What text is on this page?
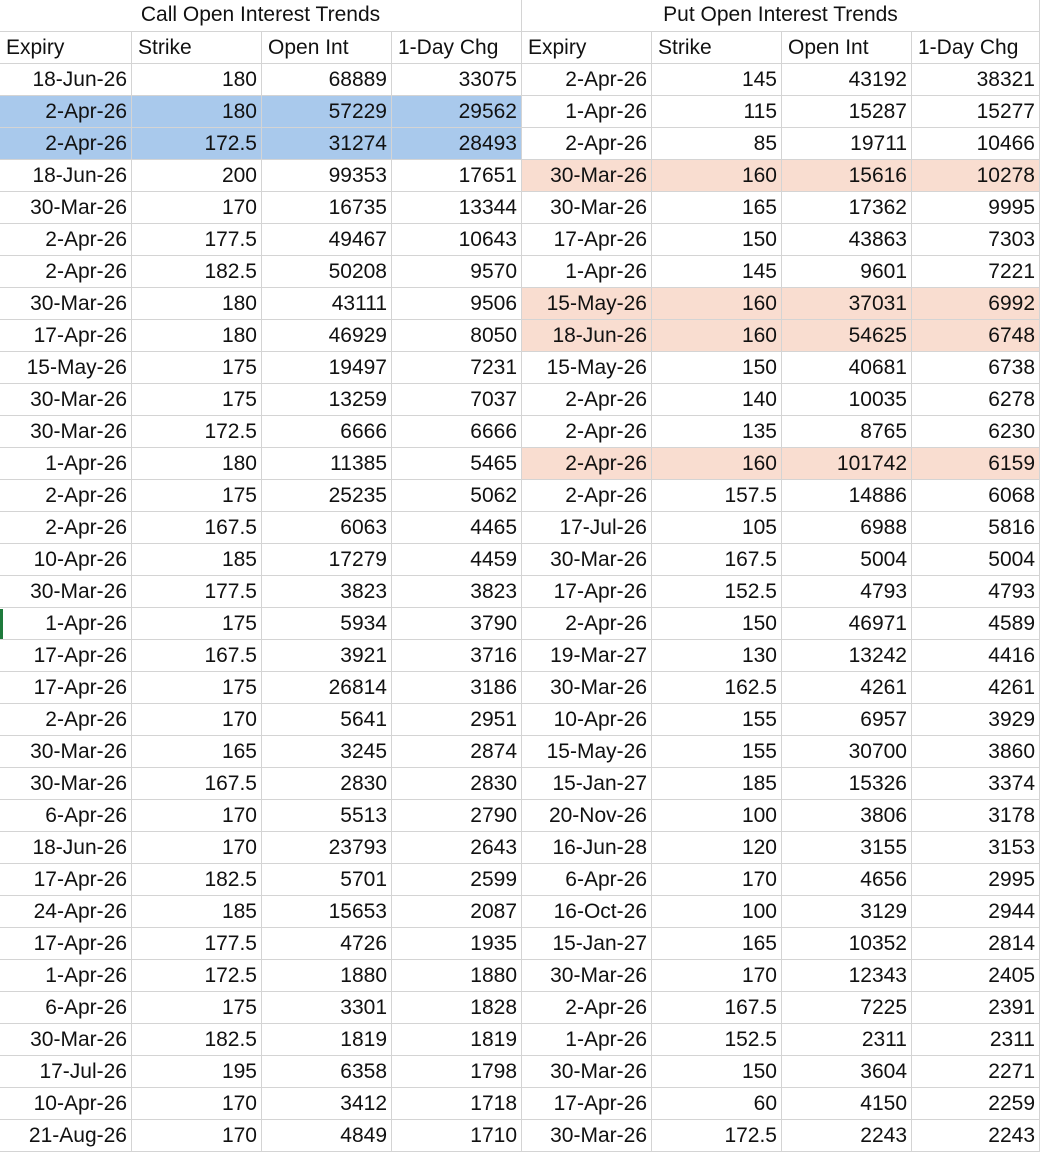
Call Open Interest Trends	Put Open Interest Trends
Expiry	Strike	Open Int	1-Day Chg	Expiry	Strike	Open Int	1-Day Chg
18-Jun-26	180	68889	33075	2-Apr-26	145	43192	38321
2-Apr-26	180	57229	29562	1-Apr-26	115	15287	15277
2-Apr-26	172.5	31274	28493	2-Apr-26	85	19711	10466
18-Jun-26	200	99353	17651	30-Mar-26	160	15616	10278
30-Mar-26	170	16735	13344	30-Mar-26	165	17362	9995
2-Apr-26	177.5	49467	10643	17-Apr-26	150	43863	7303
2-Apr-26	182.5	50208	9570	1-Apr-26	145	9601	7221
30-Mar-26	180	43111	9506	15-May-26	160	37031	6992
17-Apr-26	180	46929	8050	18-Jun-26	160	54625	6748
15-May-26	175	19497	7231	15-May-26	150	40681	6738
30-Mar-26	175	13259	7037	2-Apr-26	140	10035	6278
30-Mar-26	172.5	6666	6666	2-Apr-26	135	8765	6230
1-Apr-26	180	11385	5465	2-Apr-26	160	101742	6159
2-Apr-26	175	25235	5062	2-Apr-26	157.5	14886	6068
2-Apr-26	167.5	6063	4465	17-Jul-26	105	6988	5816
10-Apr-26	185	17279	4459	30-Mar-26	167.5	5004	5004
30-Mar-26	177.5	3823	3823	17-Apr-26	152.5	4793	4793
1-Apr-26	175	5934	3790	2-Apr-26	150	46971	4589
17-Apr-26	167.5	3921	3716	19-Mar-27	130	13242	4416
17-Apr-26	175	26814	3186	30-Mar-26	162.5	4261	4261
2-Apr-26	170	5641	2951	10-Apr-26	155	6957	3929
30-Mar-26	165	3245	2874	15-May-26	155	30700	3860
30-Mar-26	167.5	2830	2830	15-Jan-27	185	15326	3374
6-Apr-26	170	5513	2790	20-Nov-26	100	3806	3178
18-Jun-26	170	23793	2643	16-Jun-28	120	3155	3153
17-Apr-26	182.5	5701	2599	6-Apr-26	170	4656	2995
24-Apr-26	185	15653	2087	16-Oct-26	100	3129	2944
17-Apr-26	177.5	4726	1935	15-Jan-27	165	10352	2814
1-Apr-26	172.5	1880	1880	30-Mar-26	170	12343	2405
6-Apr-26	175	3301	1828	2-Apr-26	167.5	7225	2391
30-Mar-26	182.5	1819	1819	1-Apr-26	152.5	2311	2311
17-Jul-26	195	6358	1798	30-Mar-26	150	3604	2271
10-Apr-26	170	3412	1718	17-Apr-26	60	4150	2259
21-Aug-26	170	4849	1710	30-Mar-26	172.5	2243	2243
